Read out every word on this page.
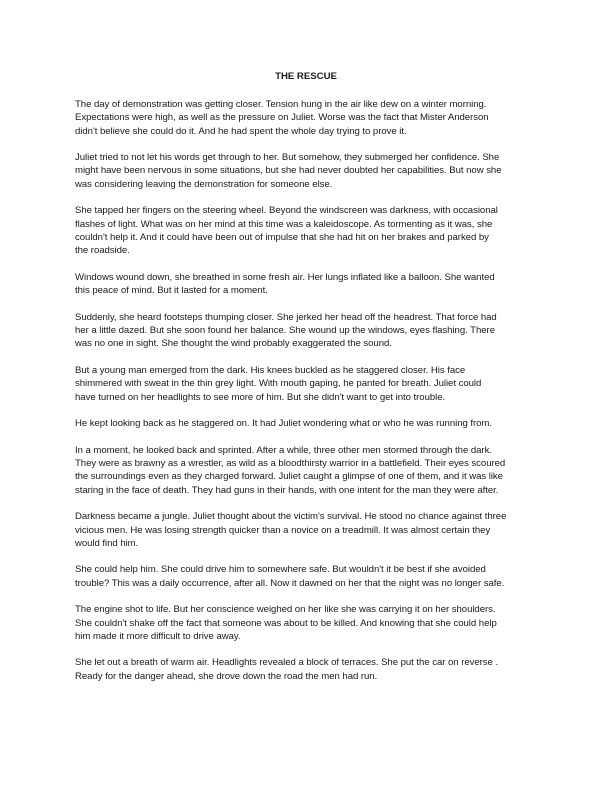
THE RESCUE
The day of demonstration was getting closer. Tension hung in the air like dew on a winter morning.
Expectations were high, as well as the pressure on Juliet. Worse was the fact that Mister Anderson
didn't believe she could do it. And he had spent the whole day trying to prove it.
Juliet tried to not let his words get through to her. But somehow, they submerged her confidence. She
might have been nervous in some situations, but she had never doubted her capabilities. But now she
was considering leaving the demonstration for someone else.
She tapped her fingers on the steering wheel. Beyond the windscreen was darkness, with occasional
flashes of light. What was on her mind at this time was a kaleidoscope. As tormenting as it was, she
couldn't help it. And it could have been out of impulse that she had hit on her brakes and parked by
the roadside.
Windows wound down, she breathed in some fresh air. Her lungs inflated like a balloon. She wanted
this peace of mind. But it lasted for a moment.
Suddenly, she heard footsteps thumping closer. She jerked her head off the headrest. That force had
her a little dazed. But she soon found her balance. She wound up the windows, eyes flashing. There
was no one in sight. She thought the wind probably exaggerated the sound.
But a young man emerged from the dark. His knees buckled as he staggered closer. His face
shimmered with sweat in the thin grey light. With mouth gaping, he panted for breath. Juliet could
have turned on her headlights to see more of him. But she didn't want to get into trouble.
He kept looking back as he staggered on. It had Juliet wondering what or who he was running from.
In a moment, he looked back and sprinted. After a while, three other men stormed through the dark.
They were as brawny as a wrestler, as wild as a bloodthirsty warrior in a battlefield. Their eyes scoured
the surroundings even as they charged forward. Juliet caught a glimpse of one of them, and it was like
staring in the face of death. They had guns in their hands, with one intent for the man they were after.
Darkness became a jungle. Juliet thought about the victim's survival. He stood no chance against three
vicious men. He was losing strength quicker than a novice on a treadmill. It was almost certain they
would find him.
She could help him. She could drive him to somewhere safe. But wouldn't it be best if she avoided
trouble? This was a daily occurrence, after all. Now it dawned on her that the night was no longer safe.
The engine shot to life. But her conscience weighed on her like she was carrying it on her shoulders.
She couldn't shake off the fact that someone was about to be killed. And knowing that she could help
him made it more difficult to drive away.
She let out a breath of warm air. Headlights revealed a block of terraces. She put the car on reverse .
Ready for the danger ahead, she drove down the road the men had run.
